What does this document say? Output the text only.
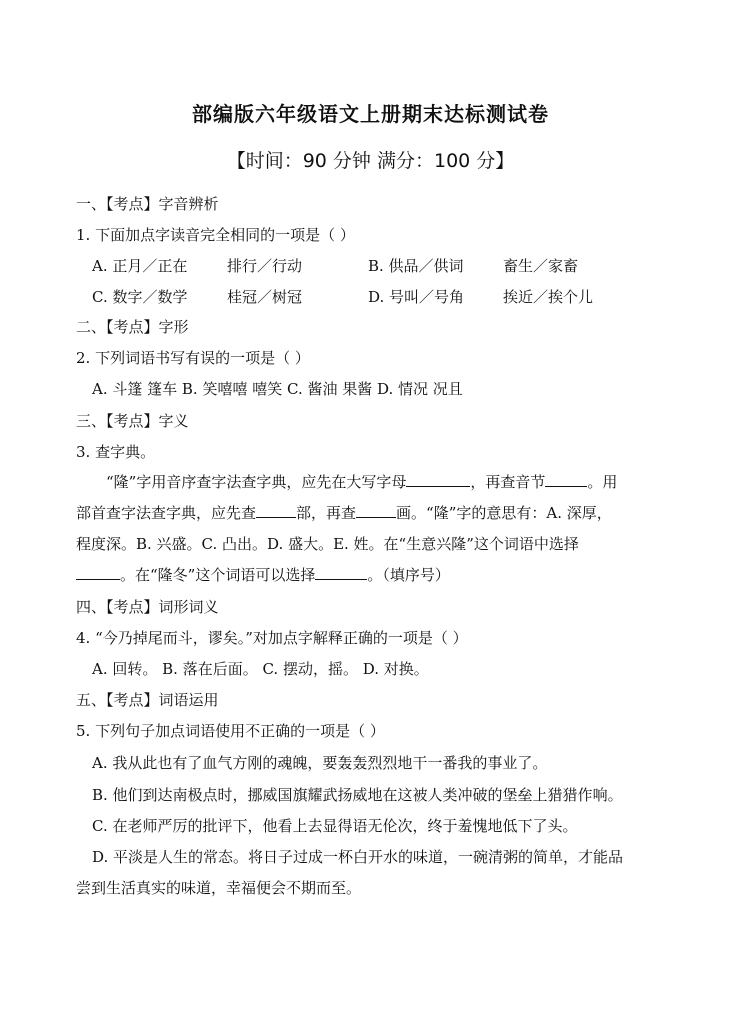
部编版六年级语文上册期末达标测试卷
【时间：90 分钟 满分：100 分】
一、【考点】字音辨析
1. 下面加点字读音完全相同的一项是（ ）
A. 正月／正在	排行／行动	B. 供品／供词	畜生／家畜
C. 数字／数学	桂冠／树冠	D. 号叫／号角	挨近／挨个儿
二、【考点】字形
2. 下列词语书写有误的一项是（ ）
A. 斗篷 篷车 B. 笑嘻嘻 嘻笑 C. 酱油 果酱 D. 情况 况且
三、【考点】字义
3. 查字典。
“隆”字用音序查字法查字典，应先在大写字母	，再查音节	。用
部首查字法查字典，应先查	部，再查	画。“隆”字的意思有：A. 深厚，
程度深。B. 兴盛。C. 凸出。D. 盛大。E. 姓。在“生意兴隆”这个词语中选择
。在“隆冬”这个词语可以选择	。（填序号）
四、【考点】词形词义
4. “今乃掉尾而斗，谬矣。”对加点字解释正确的一项是（ ）
A. 回转。 B. 落在后面。 C. 摆动，摇。 D. 对换。
五、【考点】词语运用
5. 下列句子加点词语使用不正确的一项是（ ）
A. 我从此也有了血气方刚的魂魄，要轰轰烈烈地干一番我的事业了。
B. 他们到达南极点时，挪威国旗耀武扬威地在这被人类冲破的堡垒上猎猎作响。
C. 在老师严厉的批评下，他看上去显得语无伦次，终于羞愧地低下了头。
D. 平淡是人生的常态。将日子过成一杯白开水的味道，一碗清粥的简单，才能品
尝到生活真实的味道，幸福便会不期而至。
